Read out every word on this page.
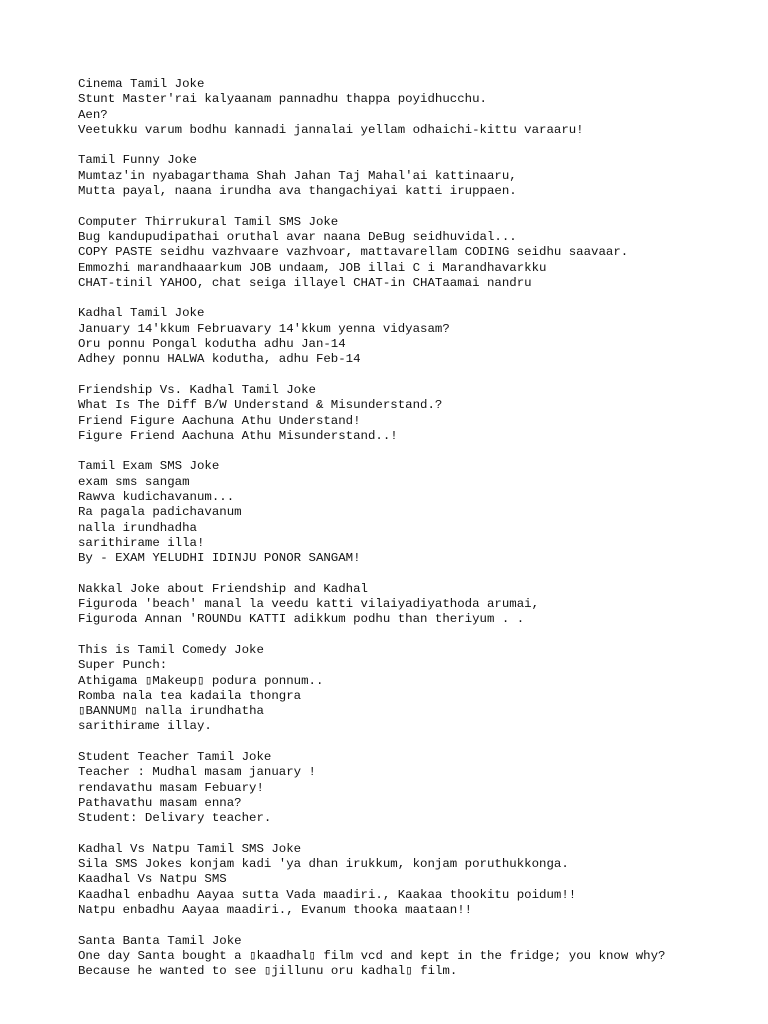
Cinema Tamil Joke
Stunt Master'rai kalyaanam pannadhu thappa poyidhucchu.
Aen?
Veetukku varum bodhu kannadi jannalai yellam odhaichi-kittu varaaru!
Tamil Funny Joke
Mumtaz'in nyabagarthama Shah Jahan Taj Mahal'ai kattinaaru,
Mutta payal, naana irundha ava thangachiyai katti iruppaen.
Computer Thirrukural Tamil SMS Joke
Bug kandupudipathai oruthal avar naana DeBug seidhuvidal...
COPY PASTE seidhu vazhvaare vazhvoar, mattavarellam CODING seidhu saavaar.
Emmozhi marandhaaarkum JOB undaam, JOB illai C i Marandhavarkku
CHAT-tinil YAHOO, chat seiga illayel CHAT-in CHATaamai nandru
Kadhal Tamil Joke
January 14'kkum Februavary 14'kkum yenna vidyasam?
Oru ponnu Pongal kodutha adhu Jan-14
Adhey ponnu HALWA kodutha, adhu Feb-14
Friendship Vs. Kadhal Tamil Joke
What Is The Diff B/W Understand & Misunderstand.?
Friend Figure Aachuna Athu Understand!
Figure Friend Aachuna Athu Misunderstand..!
Tamil Exam SMS Joke
exam sms sangam
Rawva kudichavanum...
Ra pagala padichavanum
nalla irundhadha
sarithirame illa!
By - EXAM YELUDHI IDINJU PONOR SANGAM!
Nakkal Joke about Friendship and Kadhal
Figuroda 'beach' manal la veedu katti vilaiyadiyathoda arumai,
Figuroda Annan 'ROUNDu KATTI adikkum podhu than theriyum . .
This is Tamil Comedy Joke
Super Punch:
Athigama ▯Makeup▯ podura ponnum..
Romba nala tea kadaila thongra
▯BANNUM▯ nalla irundhatha
sarithirame illay.
Student Teacher Tamil Joke
Teacher : Mudhal masam january !
rendavathu masam Febuary!
Pathavathu masam enna?
Student: Delivary teacher.
Kadhal Vs Natpu Tamil SMS Joke
Sila SMS Jokes konjam kadi 'ya dhan irukkum, konjam poruthukkonga.
Kaadhal Vs Natpu SMS
Kaadhal enbadhu Aayaa sutta Vada maadiri., Kaakaa thookitu poidum!!
Natpu enbadhu Aayaa maadiri., Evanum thooka maataan!!
Santa Banta Tamil Joke
One day Santa bought a ▯kaadhal▯ film vcd and kept in the fridge; you know why?
Because he wanted to see ▯jillunu oru kadhal▯ film.
